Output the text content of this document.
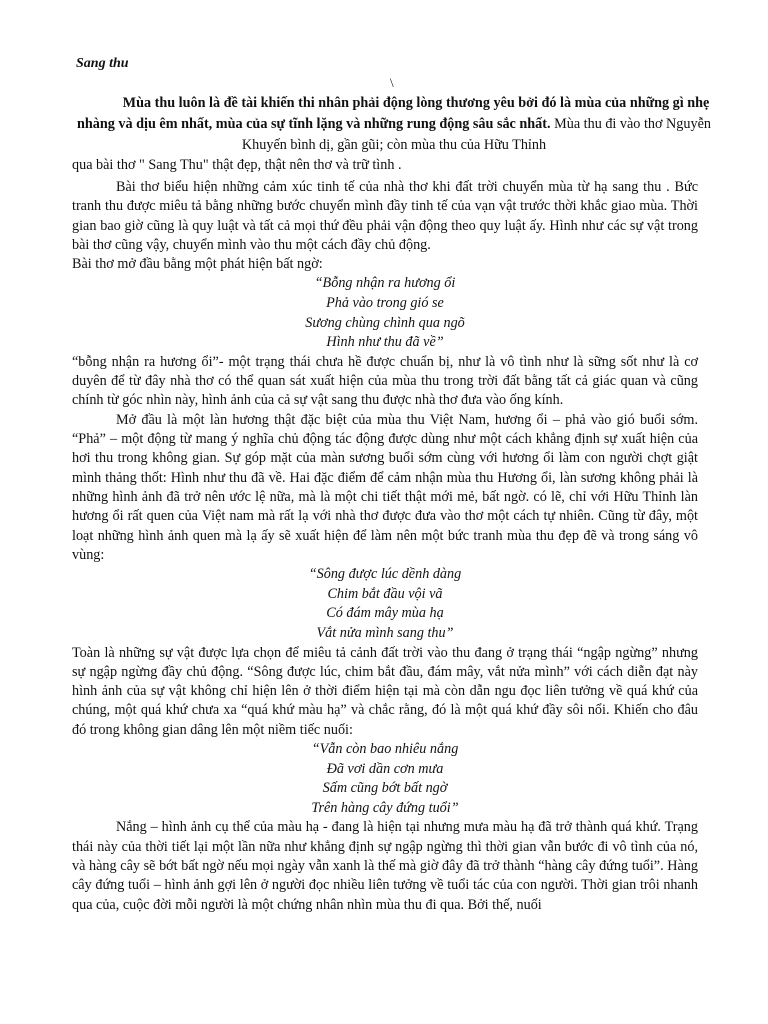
Sang thu
\

Mùa thu luôn là đề tài khiến thi nhân phải động lòng thương yêu bởi đó là mùa của những gì nhẹ nhàng và dịu êm nhất, mùa của sự tĩnh lặng và những rung động sâu sắc nhất. Mùa thu đi vào thơ Nguyễn Khuyến bình dị, gần gũi; còn mùa thu của Hữu Thỉnh

qua bài thơ " Sang Thu" thật đẹp, thật nên thơ và trữ tình .

Bài thơ biểu hiện những cảm xúc tinh tế của nhà thơ khi đất trời chuyển mùa từ hạ sang thu . Bức tranh thu được miêu tả bằng những bước chuyển mình đầy tinh tế của vạn vật trước thời khắc giao mùa. Thời gian bao giờ cũng là quy luật và tất cả mọi thứ đều phải vận động theo quy luật ấy. Hình như các sự vật trong bài thơ cũng vậy, chuyển mình vào thu một cách đầy chủ động.

Bài thơ mở đầu bằng một phát hiện bất ngờ:

“Bỗng nhận ra hương ổi
Phả vào trong gió se
Sương chùng chình qua ngõ
Hình như thu đã về”

“bỗng nhận ra hương ổi”- một trạng thái chưa hề được chuẩn bị, như là vô tình như là sững sốt như là cơ duyên để từ đây nhà thơ có thể quan sát xuất hiện của mùa thu trong trời đất bằng tất cả giác quan và cũng chính từ góc nhìn này, hình ảnh của cả sự vật sang thu được nhà thơ đưa vào ống kính.

Mở đầu là một làn hương thật đặc biệt của mùa thu Việt Nam, hương ổi – phả vào gió buổi sớm. “Phả” – một động từ mang ý nghĩa chủ động tác động được dùng như một cách khẳng định sự xuất hiện của hơi thu trong không gian. Sự góp mặt của màn sương buổi sớm cùng với hương ổi làm con người chợt giật mình thảng thốt: Hình như thu đã về. Hai đặc điểm để cảm nhận mùa thu Hương ổi, làn sương không phải là những hình ảnh đã trở nên ước lệ nữa, mà là một chi tiết thật mới mẻ, bất ngờ. có lẽ, chỉ với Hữu Thỉnh làn hương ổi rất quen của Việt nam mà rất lạ với nhà thơ được đưa vào thơ một cách tự nhiên. Cũng từ đây, một loạt những hình ảnh quen mà lạ ấy sẽ xuất hiện để làm nên một bức tranh mùa thu đẹp đẽ và trong sáng vô vùng:

“Sông được lúc dềnh dàng
Chim bắt đầu vội vã
Có đám mây mùa hạ
Vắt nửa mình sang thu”

Toàn là những sự vật được lựa chọn để miêu tả cảnh đất trời vào thu đang ở trạng thái “ngập ngừng” nhưng sự ngập ngừng đầy chủ động. “Sông được lúc, chim bắt đầu, đám mây, vắt nửa mình” với cách diễn đạt này hình ảnh của sự vật không chỉ hiện lên ở thời điểm hiện tại mà còn dẫn ngu đọc liên tưởng về quá khứ của chúng, một quá khứ chưa xa “quá khứ màu hạ” và chắc rằng, đó là một quá khứ đầy sôi nổi. Khiến cho đâu đó trong không gian dâng lên một niềm tiếc nuối:

“Vẫn còn bao nhiêu nắng
Đã vơi dần cơn mưa
Sấm cũng bớt bất ngờ
Trên hàng cây đứng tuổi”

Nắng – hình ảnh cụ thể của màu hạ - đang là hiện tại nhưng mưa màu hạ đã trở thành quá khứ. Trạng thái này của thời tiết lại một lần nữa như khẳng định sự ngập ngừng thì thời gian vẫn bước đi vô tình của nó, và hàng cây sẽ bớt bất ngờ nếu mọi ngày vẫn xanh là thế mà giờ đây đã trở thành “hàng cây đứng tuổi”. Hàng cây đứng tuổi – hình ảnh gợi lên ở người đọc nhiều liên tưởng về tuổi tác của con người. Thời gian trôi nhanh qua của, cuộc đời mỗi người là một chứng nhân nhìn mùa thu đi qua. Bởi thế, nuối
